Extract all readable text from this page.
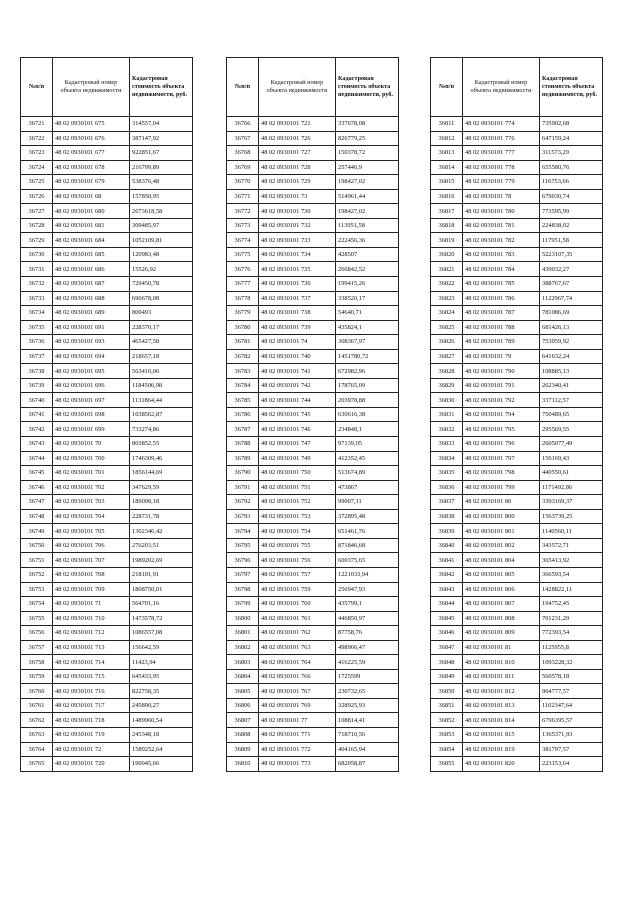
№п/п	Кадастровый номер объекта недвижимости	Кадастровая стоимость объекта недвижимости, руб.
36721	48 02 0930101 675	314557,04
36722	48 02 0930101 676	387147,92
36723	48 02 0930101 677	922851,67
36724	48 02 0930101 678	216799,89
36725	48 02 0930101 679	538376,48
36726	48 02 0930101 68	157850,95
36727	48 02 0930101 680	2673618,58
36728	48 02 0930101 681	309485,97
36729	48 02 0930101 684	1052109,81
36730	48 02 0930101 685	120983,48
36731	48 02 0930101 686	15526,92
36732	48 02 0930101 687	729450,78
36733	48 02 0930101 688	696678,08
36734	48 02 0930101 689	800493
36735	48 02 0930101 691	228370,17
36736	48 02 0930101 693	465427,58
36737	48 02 0930101 694	218657,18
36738	48 02 0930101 695	563410,06
36739	48 02 0930101 696	1184506,98
36740	48 02 0930101 697	1131864,44
36741	48 02 0930101 698	1038562,87
36742	48 02 0930101 699	733274,86
36743	48 02 0930101 70	803852,55
36744	48 02 0930101 700	1746309,46
36745	48 02 0930101 701	1856144,69
36746	48 02 0930101 702	347629,59
36747	48 02 0930101 703	189098,18
36748	48 02 0930101 704	228731,78
36749	48 02 0930101 705	1302346,42
36750	48 02 0930101 706	276203,51
36751	48 02 0930101 707	1989202,69
36752	48 02 0930101 708	218101,91
36753	48 02 0930101 709	1808750,01
36754	48 02 0930101 71	564701,16
36755	48 02 0930101 710	1473578,72
36756	48 02 0930101 712	1086557,08
36757	48 02 0930101 713	156642,59
36758	48 02 0930101 714	11423,94
36759	48 02 0930101 715	645433,95
36760	48 02 0930101 716	822758,35
36761	48 02 0930101 717	245890,27
36762	48 02 0930101 718	1489960,54
36763	48 02 0930101 719	245348,18
36764	48 02 0930101 72	1589252,64
36765	48 02 0930101 720	190945,66
№п/п	Кадастровый номер объекта недвижимости	Кадастровая стоимость объекта недвижимости, руб.
36766	48 02 0930101 721	337678,08
36767	48 02 0930101 726	826779,25
36768	48 02 0930101 727	150378,72
36769	48 02 0930101 728	257446,9
36770	48 02 0930101 729	198427,02
36771	48 02 0930101 73	514961,44
36772	48 02 0930101 730	198427,02
36773	48 02 0930101 732	113951,58
36774	48 02 0930101 733	222456,36
36775	48 02 0930101 734	428507
36776	48 02 0930101 735	266842,52
36777	48 02 0930101 736	199415,26
36778	48 02 0930101 737	338520,17
36779	48 02 0930101 738	54640,71
36780	48 02 0930101 739	435824,1
36781	48 02 0930101 74	308367,97
36782	48 02 0930101 740	1451780,72
36783	48 02 0930101 741	672982,96
36784	48 02 0930101 742	178765,09
36785	48 02 0930101 744	203978,88
36786	48 02 0930101 745	630616,38
36787	48 02 0930101 746	234848,1
36788	48 02 0930101 747	97139,05
36789	48 02 0930101 749	412352,45
36790	48 02 0930101 750	513674,89
36791	48 02 0930101 751	473867
36792	48 02 0930101 752	99007,11
36793	48 02 0930101 753	372895,48
36794	48 02 0930101 754	651461,76
36795	48 02 0930101 755	871846,68
36796	48 02 0930101 756	600375,65
36797	48 02 0930101 757	1221033,94
36798	48 02 0930101 759	256947,93
36799	48 02 0930101 760	435799,1
36800	48 02 0930101 761	446850,97
36801	48 02 0930101 762	87758,76
36802	48 02 0930101 763	498966,47
36803	48 02 0930101 764	416225,59
36804	48 02 0930101 766	1725599
36805	48 02 0930101 767	230732,65
36806	48 02 0930101 769	328925,93
36807	48 02 0930101 77	108814,41
36808	48 02 0930101 771	718710,56
36809	48 02 0930101 772	404165,94
36810	48 02 0930101 773	682058,87
№п/п	Кадастровый номер объекта недвижимости	Кадастровая стоимость объекта недвижимости, руб.
36811	48 02 0930101 774	735902,68
36812	48 02 0930101 776	647159,24
36813	48 02 0930101 777	311573,29
36814	48 02 0930101 778	655580,76
36815	48 02 0930101 779	116753,66
36816	48 02 0930101 78	679030,74
36817	48 02 0930101 780	773595,99
36818	48 02 0930101 781	224838,02
36819	48 02 0930101 782	117951,58
36820	48 02 0930101 783	5223107,35
36821	48 02 0930101 784	439032,27
36822	48 02 0930101 785	388767,67
36823	48 02 0930101 786	1122967,74
36824	48 02 0930101 787	781086,69
36825	48 02 0930101 788	681426,13
36826	48 02 0930101 789	753059,92
36827	48 02 0930101 79	641632,24
36828	48 02 0930101 790	108885,13
36829	48 02 0930101 791	262340,41
36830	48 02 0930101 792	337112,57
36831	48 02 0930101 794	750489,65
36832	48 02 0930101 795	295569,55
36833	48 02 0930101 796	2605077,49
36834	48 02 0930101 797	156169,43
36835	48 02 0930101 798	440550,61
36836	48 02 0930101 799	1171492,86
36837	48 02 0930101 80	3393169,37
36838	48 02 0930101 800	1563739,25
36839	48 02 0930101 801	1140560,11
36840	48 02 0930101 802	343572,71
36841	48 02 0930101 804	365413,92
36842	48 02 0930101 805	366593,54
36843	48 02 0930101 806	1428822,11
36844	48 02 0930101 807	194752,45
36845	48 02 0930101 808	701231,29
36846	48 02 0930101 809	772393,54
36847	48 02 0930101 81	1125955,8
36848	48 02 0930101 810	1093228,32
36849	48 02 0930101 811	560578,18
36850	48 02 0930101 812	964777,57
36851	48 02 0930101 813	1102347,64
36852	48 02 0930101 814	6796395,57
36853	48 02 0930101 815	1365371,93
36854	48 02 0930101 819	381797,57
36855	48 02 0930101 820	223153,64
